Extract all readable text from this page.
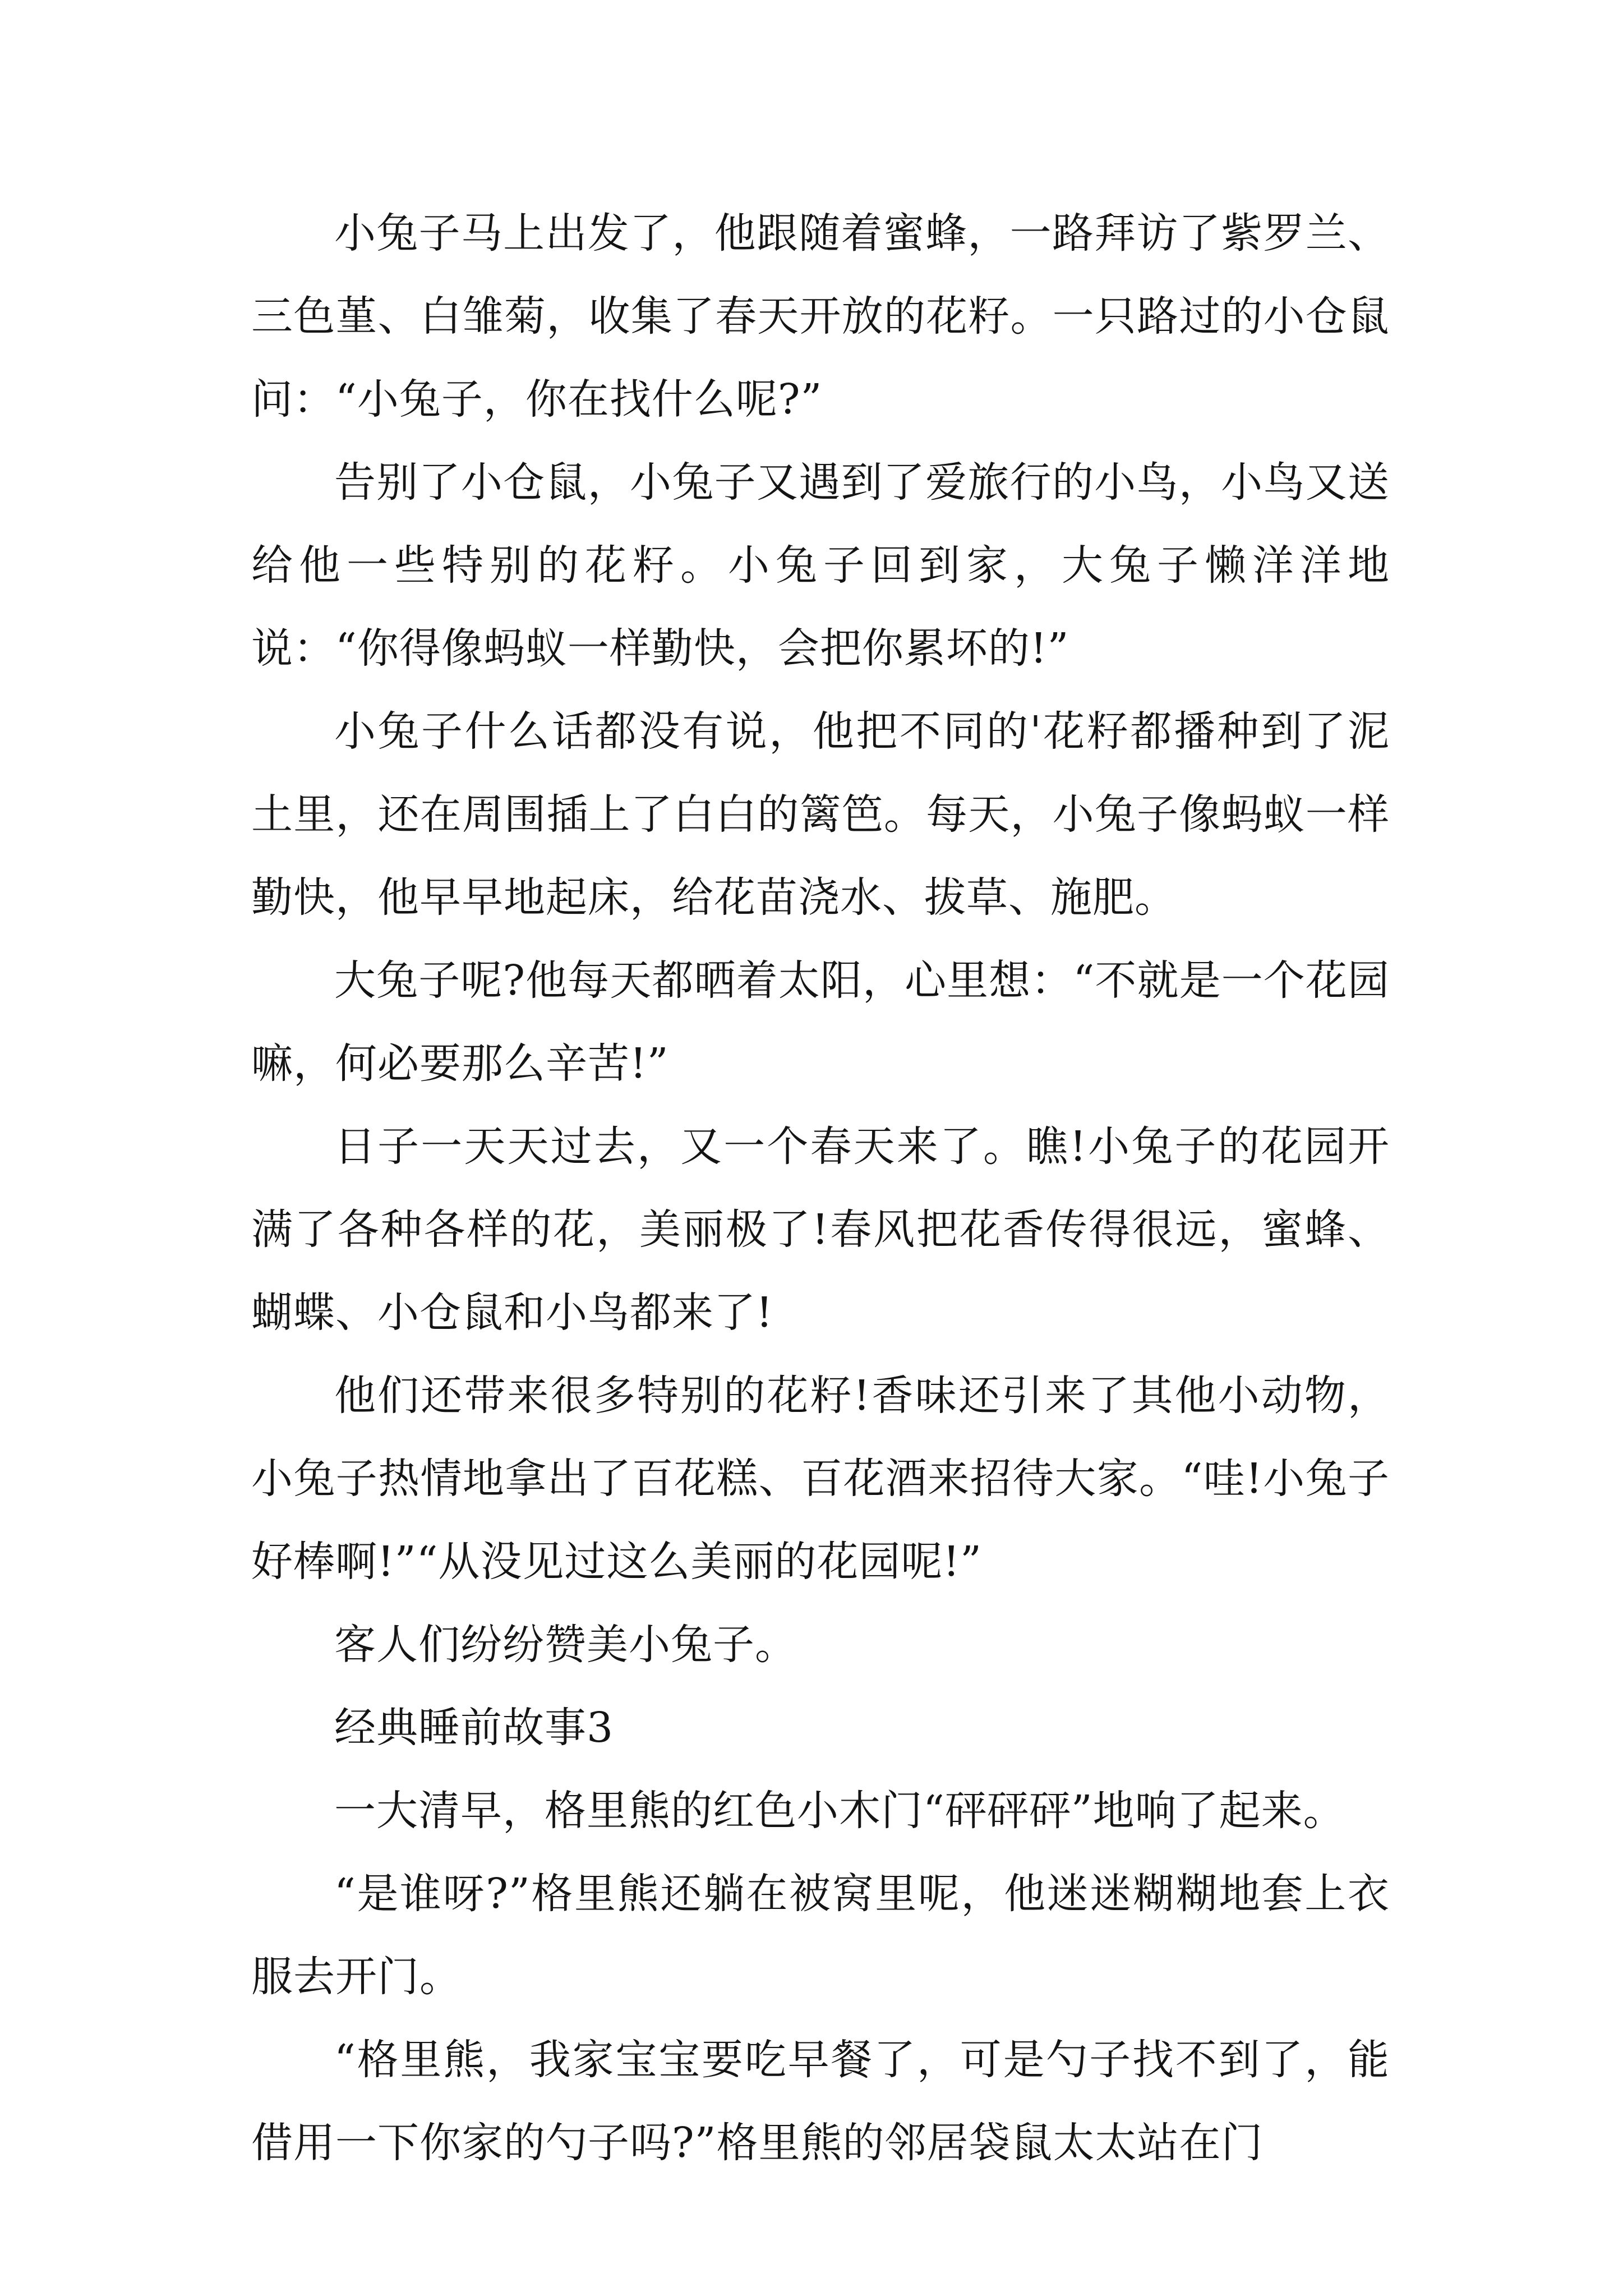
小兔子马上出发了，他跟随着蜜蜂，一路拜访了紫罗兰、三色堇、白雏菊，收集了春天开放的花籽。一只路过的小仓鼠问：“小兔子，你在找什么呢?”

告别了小仓鼠，小兔子又遇到了爱旅行的小鸟，小鸟又送给他一些特别的花籽。小兔子回到家，大兔子懒洋洋地说：“你得像蚂蚁一样勤快，会把你累坏的!”

小兔子什么话都没有说，他把不同的'花籽都播种到了泥土里，还在周围插上了白白的篱笆。每天，小兔子像蚂蚁一样勤快，他早早地起床，给花苗浇水、拔草、施肥。

大兔子呢?他每天都晒着太阳，心里想：“不就是一个花园嘛，何必要那么辛苦!”

日子一天天过去，又一个春天来了。瞧!小兔子的花园开满了各种各样的花，美丽极了!春风把花香传得很远，蜜蜂、蝴蝶、小仓鼠和小鸟都来了!

他们还带来很多特别的花籽!香味还引来了其他小动物，小兔子热情地拿出了百花糕、百花酒来招待大家。“哇!小兔子好棒啊!”“从没见过这么美丽的花园呢!”

客人们纷纷赞美小兔子。

经典睡前故事3

一大清早，格里熊的红色小木门“砰砰砰”地响了起来。

“是谁呀?”格里熊还躺在被窝里呢，他迷迷糊糊地套上衣服去开门。

“格里熊，我家宝宝要吃早餐了，可是勺子找不到了，能借用一下你家的勺子吗?”格里熊的邻居袋鼠太太站在门
